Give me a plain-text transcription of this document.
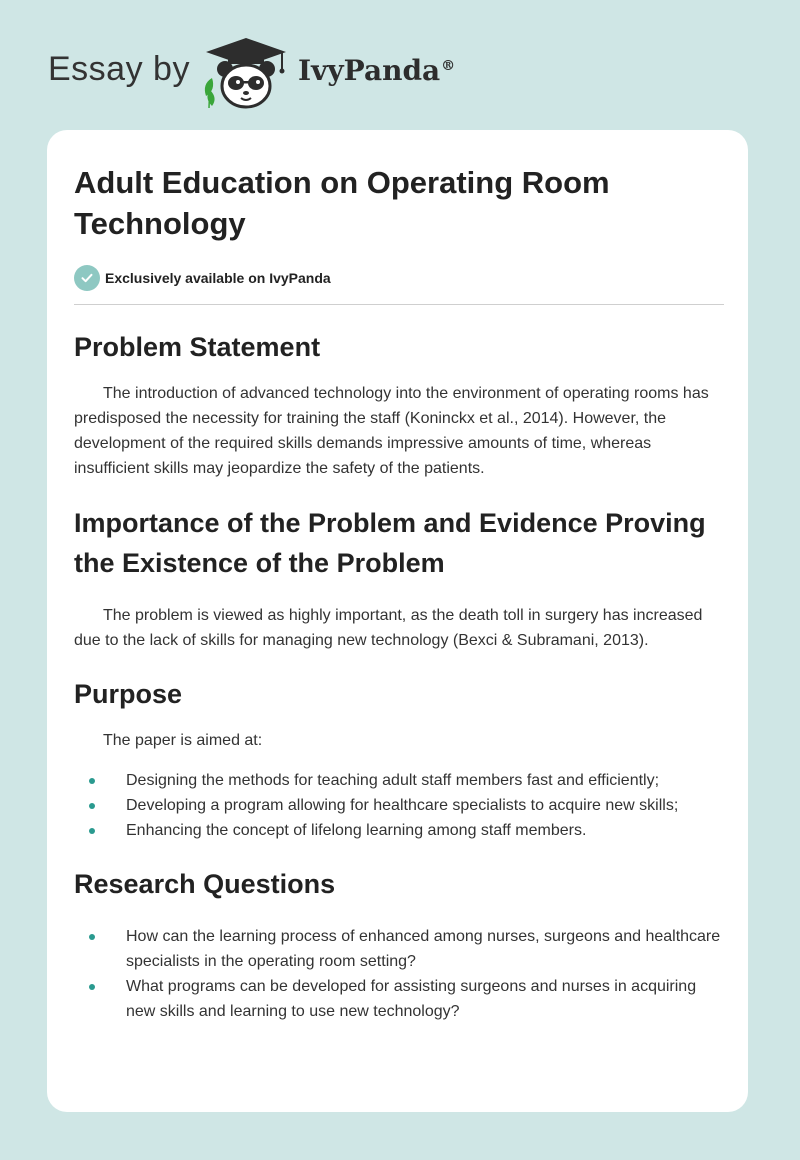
Essay by	IvyPanda®
Adult Education on Operating Room Technology
Exclusively available on IvyPanda
Problem Statement

The introduction of advanced technology into the environment of operating rooms has predisposed the necessity for training the staff (Koninckx et al., 2014). However, the development of the required skills demands impressive amounts of time, whereas insufficient skills may jeopardize the safety of the patients.

Importance of the Problem and Evidence Proving the Existence of the Problem

The problem is viewed as highly important, as the death toll in surgery has increased due to the lack of skills for managing new technology (Bexci & Subramani, 2013).

Purpose

The paper is aimed at:

Designing the methods for teaching adult staff members fast and efficiently;
Developing a program allowing for healthcare specialists to acquire new skills;
Enhancing the concept of lifelong learning among staff members.
Research Questions
How can the learning process of enhanced among nurses, surgeons and healthcare specialists in the operating room setting?
What programs can be developed for assisting surgeons and nurses in acquiring new skills and learning to use new technology?
